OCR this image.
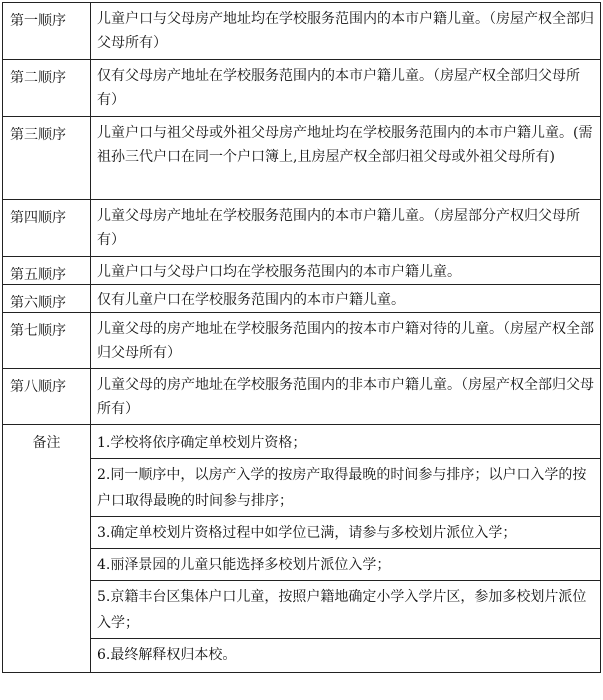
第一顺序	儿童户口与父母房产地址均在学校服务范围内的本市户籍儿童。（房屋产权全部归父母所有）
第二顺序	仅有父母房产地址在学校服务范围内的本市户籍儿童。（房屋产权全部归父母所有）
第三顺序	儿童户口与祖父母或外祖父母房产地址均在学校服务范围内的本市户籍儿童。(需祖孙三代户口在同一个户口簿上,且房屋产权全部归祖父母或外祖父母所有)
第四顺序	儿童父母房产地址在学校服务范围内的本市户籍儿童。（房屋部分产权归父母所有）
第五顺序	儿童户口与父母户口均在学校服务范围内的本市户籍儿童。
第六顺序	仅有儿童户口在学校服务范围内的本市户籍儿童。
第七顺序	儿童父母的房产地址在学校服务范围内的按本市户籍对待的儿童。（房屋产权全部归父母所有）
第八顺序	儿童父母的房产地址在学校服务范围内的非本市户籍儿童。（房屋产权全部归父母所有）
备注	1.学校将依序确定单校划片资格；

2.同一顺序中，以房产入学的按房产取得最晚的时间参与排序；以户口入学的按户口取得最晚的时间参与排序；

3.确定单校划片资格过程中如学位已满，请参与多校划片派位入学；

4.丽泽景园的儿童只能选择多校划片派位入学；

5.京籍丰台区集体户口儿童，按照户籍地确定小学入学片区，参加多校划片派位入学；

6.最终解释权归本校。
